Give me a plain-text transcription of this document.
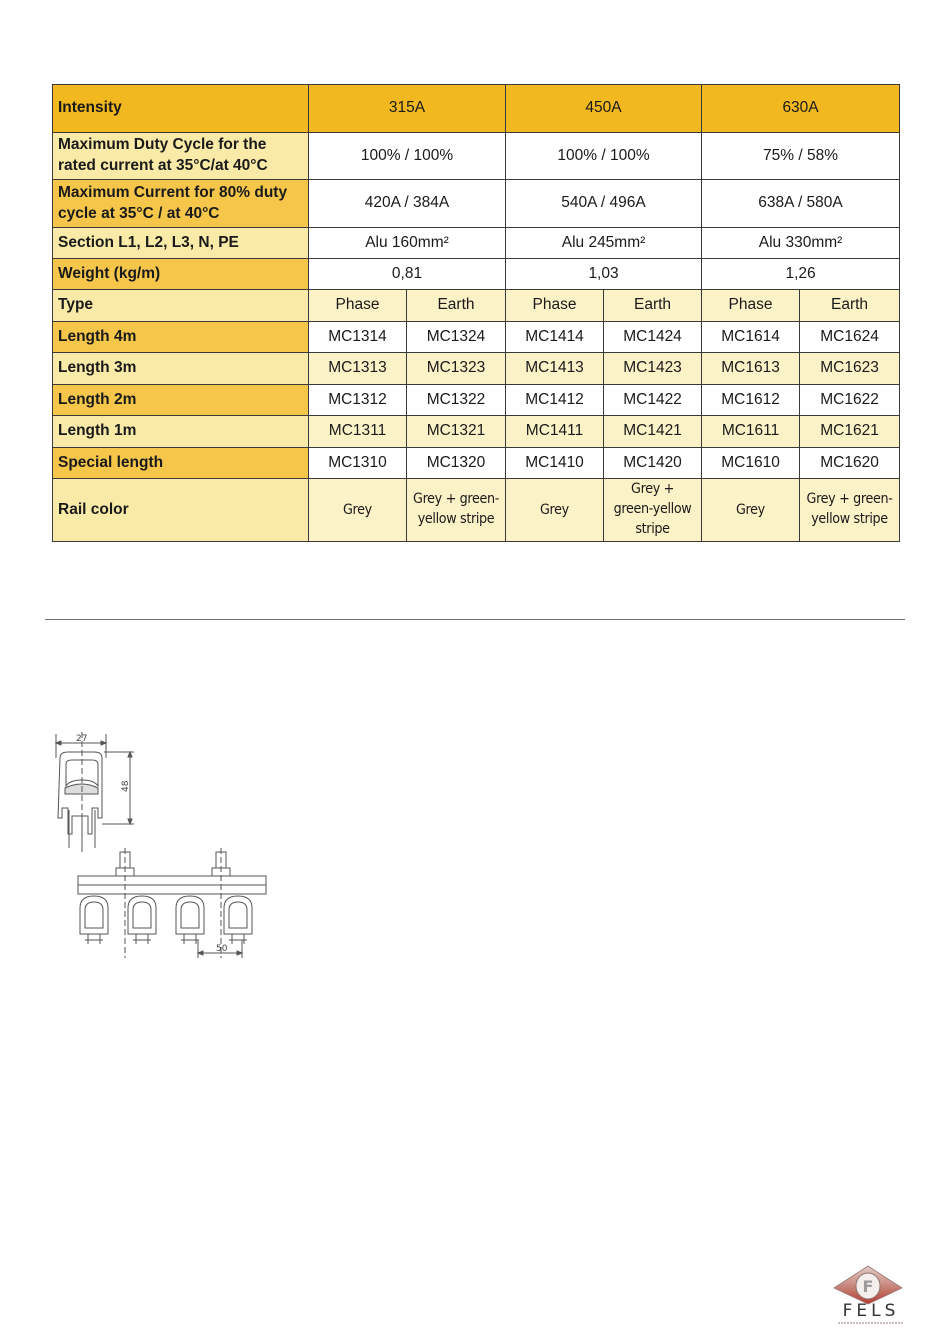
Intensity	315A		450A		630A	
Maximum Duty Cycle for the rated current at 35°C/at 40°C	100% / 100%		100% / 100%		75% / 58%	
Maximum Current for 80% duty cycle at 35°C / at 40°C	420A / 384A		540A / 496A		638A / 580A	
Section L1, L2, L3, N, PE	Alu 160mm²		Alu 245mm²		Alu 330mm²	
Weight (kg/m)	0,81		1,03		1,26	
Type	Phase	Earth	Phase	Earth	Phase	Earth
Length 4m	MC1314	MC1324	MC1414	MC1424	MC1614	MC1624
Length 3m	MC1313	MC1323	MC1413	MC1423	MC1613	MC1623
Length 2m	MC1312	MC1322	MC1412	MC1422	MC1612	MC1622
Length 1m	MC1311	MC1321	MC1411	MC1421	MC1611	MC1621
Special length	MC1310	MC1320	MC1410	MC1420	MC1610	MC1620
Rail color	Grey	Grey + green-yellow stripe	Grey	Grey + green-yellow stripe	Grey	Grey + green-yellow stripe
27
48
50
F
FELS
